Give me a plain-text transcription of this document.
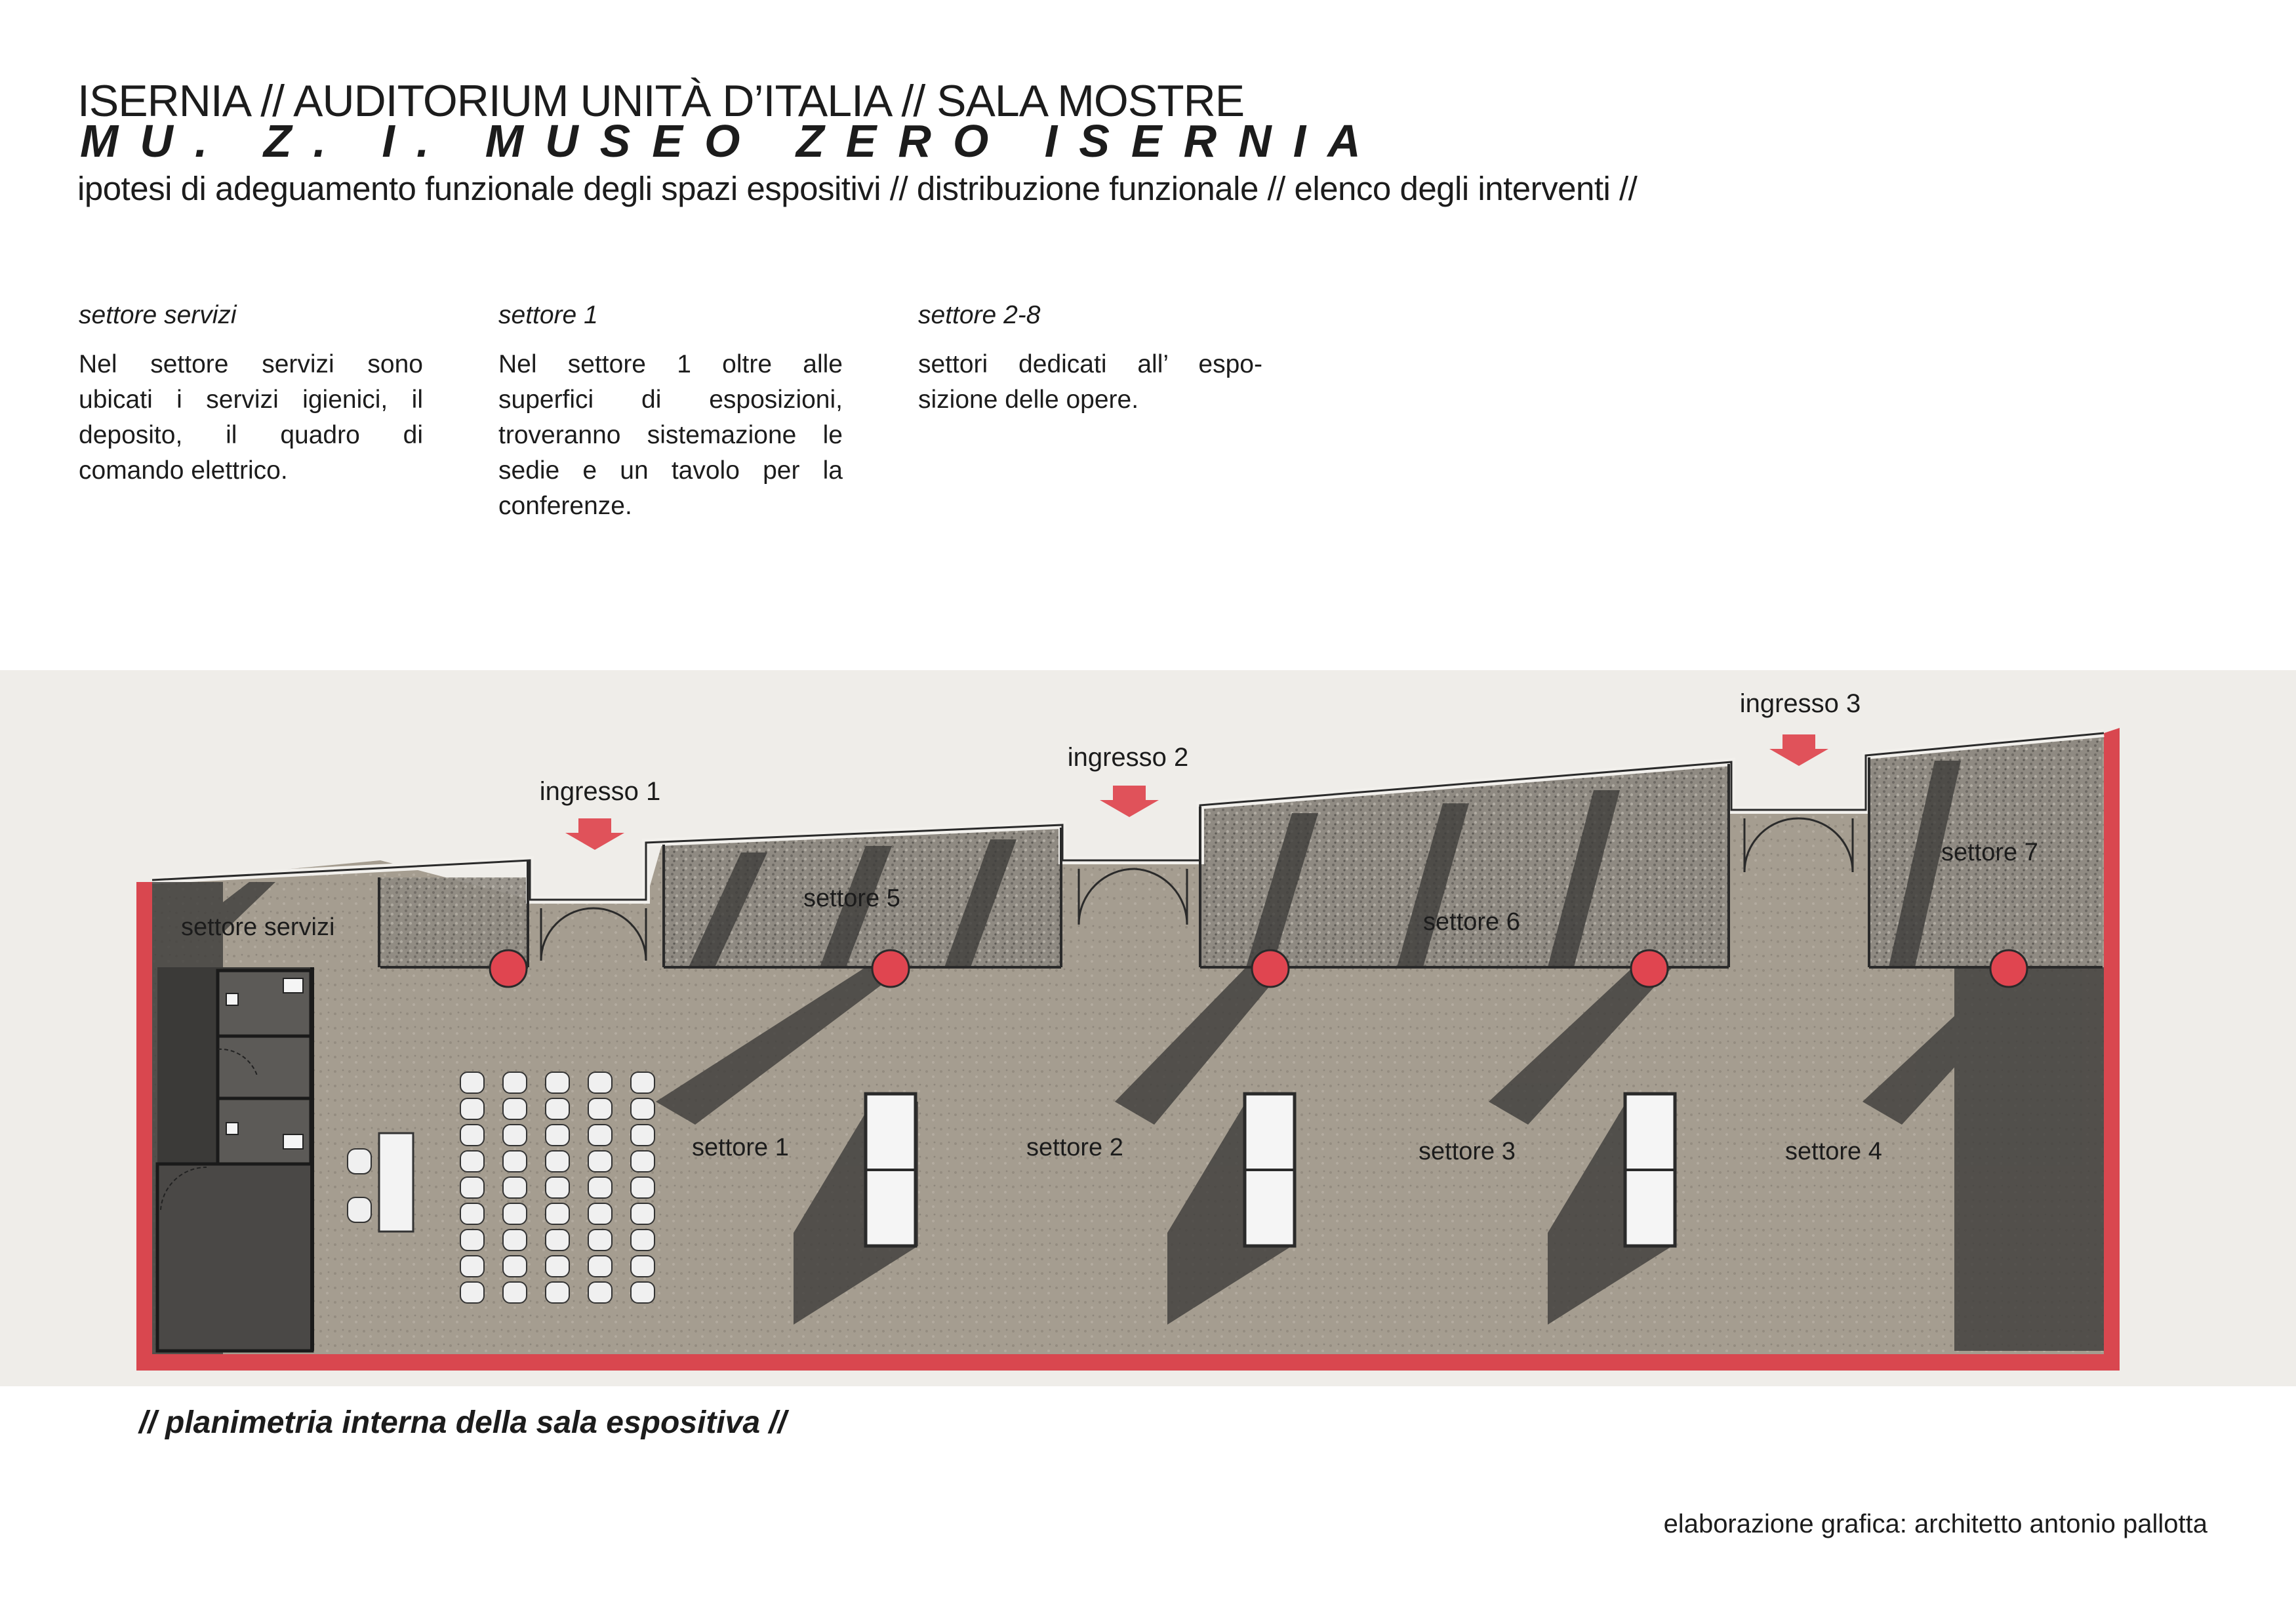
ISERNIA // AUDITORIUM UNITÀ D’ITALIA // SALA MOSTRE
MU. Z. I. MUSEO ZERO ISERNIA
ipotesi di adeguamento funzionale degli spazi espositivi // distribuzione funzionale // elenco degli interventi //
settore servizi

Nel settore servizi sono ubicati i servizi igienici, il deposito, il quadro di comando elettrico.

settore 1

Nel settore 1 oltre alle superfici di esposizioni, troveranno sistemazione le sedie e un tavolo per la conferenze.

settore 2-8

settori dedicati all’ espo- sizione delle opere.

ingresso 1
ingresso 2
ingresso 3
settore servizi
settore 5
settore 6
settore 7
settore 1	settore 2	settore 3	settore 4
// planimetria interna della sala espositiva //
elaborazione grafica: architetto antonio pallotta
